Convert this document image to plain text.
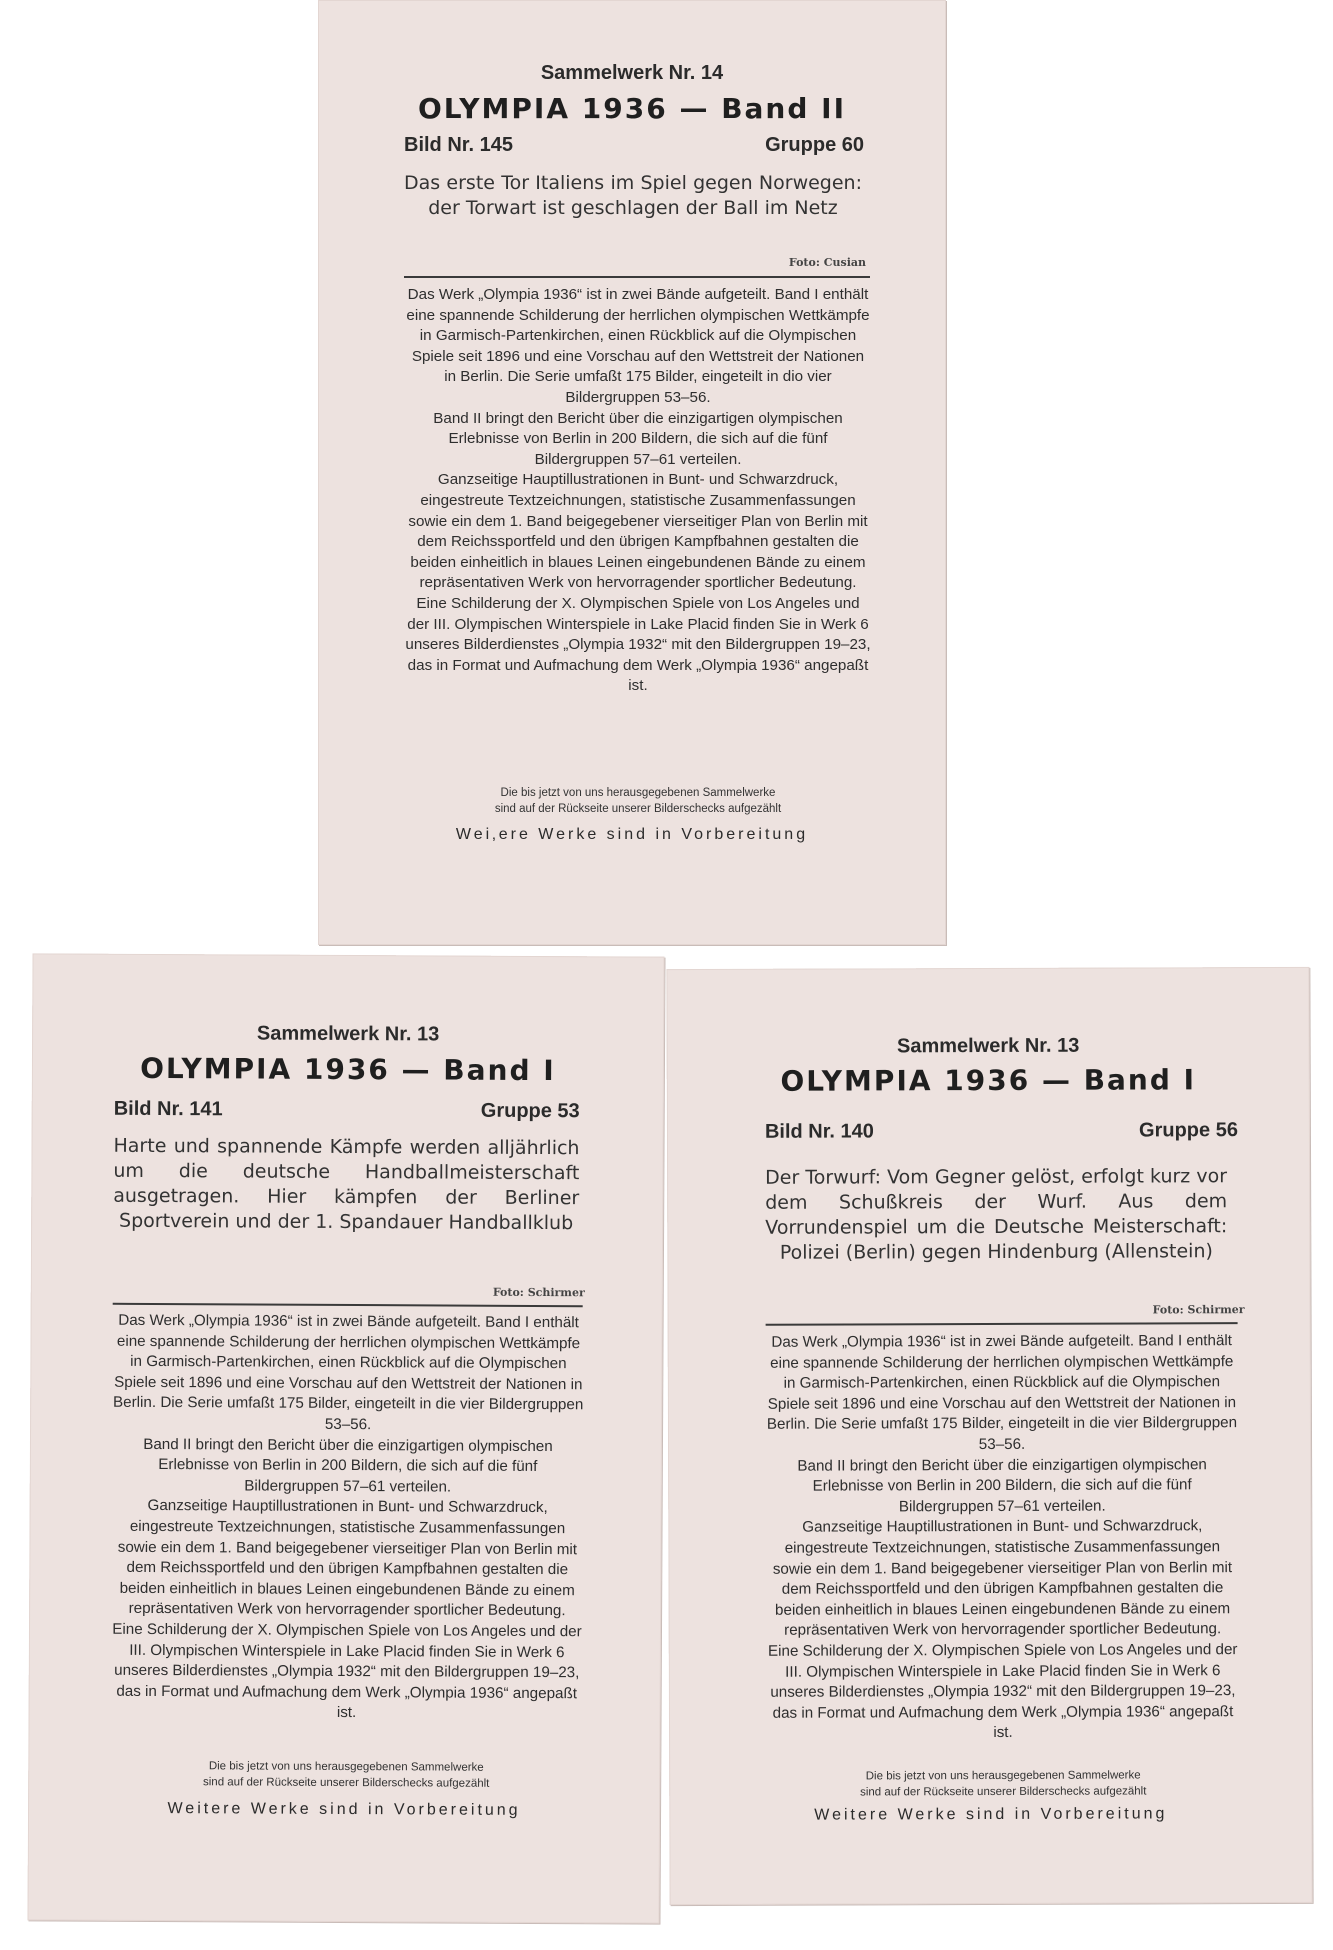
Sammelwerk Nr. 14
OLYMPIA 1936 — Band II
Bild Nr. 145	Gruppe 60
Das erste Tor Italiens im Spiel gegen Norwegen: der Torwart ist geschlagen der Ball im Netz
Foto: Cusian

Das Werk „Olympia 1936“ ist in zwei Bände aufgeteilt. Band I enthält eine spannende Schilderung der herrlichen olympischen Wettkämpfe in Garmisch-Partenkirchen, einen Rückblick auf die Olympischen Spiele seit 1896 und eine Vorschau auf den Wettstreit der Nationen in Berlin. Die Serie umfaßt 175 Bilder, eingeteilt in dio vier Bildergruppen 53–56.

Band II bringt den Bericht über die einzigartigen olympischen Erlebnisse von Berlin in 200 Bildern, die sich auf die fünf Bildergruppen 57–61 verteilen.

Ganzseitige Hauptillustrationen in Bunt- und Schwarzdruck, eingestreute Textzeichnungen, statistische Zusammenfassungen sowie ein dem 1. Band beigegebener vierseitiger Plan von Berlin mit dem Reichssportfeld und den übrigen Kampfbahnen gestalten die beiden einheitlich in blaues Leinen eingebundenen Bände zu einem repräsentativen Werk von hervorragender sportlicher Bedeutung.

Eine Schilderung der X. Olympischen Spiele von Los Angeles und der III. Olympischen Winterspiele in Lake Placid finden Sie in Werk 6 unseres Bilderdienstes „Olympia 1932“ mit den Bildergruppen 19–23, das in Format und Aufmachung dem Werk „Olympia 1936“ angepaßt ist.

Die bis jetzt von uns herausgegebenen Sammelwerke

sind auf der Rückseite unserer Bilderschecks aufgezählt

Wei‚ere Werke sind in Vorbereitung
Sammelwerk Nr. 13
OLYMPIA 1936 — Band I
Bild Nr. 141	Gruppe 53
Harte und spannende Kämpfe werden alljährlich um die deutsche Handballmeisterschaft ausgetragen. Hier kämpfen der Berliner Sportverein und der 1. Spandauer Handballklub
Foto: Schirmer

Das Werk „Olympia 1936“ ist in zwei Bände aufgeteilt. Band I enthält eine spannende Schilderung der herrlichen olympischen Wettkämpfe in Garmisch-Partenkirchen, einen Rückblick auf die Olympischen Spiele seit 1896 und eine Vorschau auf den Wettstreit der Nationen in Berlin. Die Serie umfaßt 175 Bilder, eingeteilt in die vier Bildergruppen 53–56.

Band II bringt den Bericht über die einzigartigen olympischen Erlebnisse von Berlin in 200 Bildern, die sich auf die fünf Bildergruppen 57–61 verteilen.

Ganzseitige Hauptillustrationen in Bunt- und Schwarzdruck, eingestreute Textzeichnungen, statistische Zusammenfassungen sowie ein dem 1. Band beigegebener vierseitiger Plan von Berlin mit dem Reichssportfeld und den übrigen Kampfbahnen gestalten die beiden einheitlich in blaues Leinen eingebundenen Bände zu einem repräsentativen Werk von hervorragender sportlicher Bedeutung.

Eine Schilderung der X. Olympischen Spiele von Los Angeles und der III. Olympischen Winterspiele in Lake Placid finden Sie in Werk 6 unseres Bilderdienstes „Olympia 1932“ mit den Bildergruppen 19–23, das in Format und Aufmachung dem Werk „Olympia 1936“ angepaßt ist.

Die bis jetzt von uns herausgegebenen Sammelwerke

sind auf der Rückseite unserer Bilderschecks aufgezählt

Weitere Werke sind in Vorbereitung
Sammelwerk Nr. 13
OLYMPIA 1936 — Band I
Bild Nr. 140	Gruppe 56
Der Torwurf: Vom Gegner gelöst, erfolgt kurz vor dem Schußkreis der Wurf. Aus dem Vorrundenspiel um die Deutsche Meisterschaft: Polizei (Berlin) gegen Hindenburg (Allenstein)
Foto: Schirmer

Das Werk „Olympia 1936“ ist in zwei Bände aufgeteilt. Band I enthält eine spannende Schilderung der herrlichen olympischen Wettkämpfe in Garmisch-Partenkirchen, einen Rückblick auf die Olympischen Spiele seit 1896 und eine Vorschau auf den Wettstreit der Nationen in Berlin. Die Serie umfaßt 175 Bilder, eingeteilt in die vier Bildergruppen 53–56.

Band II bringt den Bericht über die einzigartigen olympischen Erlebnisse von Berlin in 200 Bildern, die sich auf die fünf Bildergruppen 57–61 verteilen.

Ganzseitige Hauptillustrationen in Bunt- und Schwarzdruck, eingestreute Textzeichnungen, statistische Zusammenfassungen sowie ein dem 1. Band beigegebener vierseitiger Plan von Berlin mit dem Reichssportfeld und den übrigen Kampfbahnen gestalten die beiden einheitlich in blaues Leinen eingebundenen Bände zu einem repräsentativen Werk von hervorragender sportlicher Bedeutung.

Eine Schilderung der X. Olympischen Spiele von Los Angeles und der III. Olympischen Winterspiele in Lake Placid finden Sie in Werk 6 unseres Bilderdienstes „Olympia 1932“ mit den Bildergruppen 19–23, das in Format und Aufmachung dem Werk „Olympia 1936“ angepaßt ist.

Die bis jetzt von uns herausgegebenen Sammelwerke

sind auf der Rückseite unserer Bilderschecks aufgezählt

Weitere Werke sind in Vorbereitung
